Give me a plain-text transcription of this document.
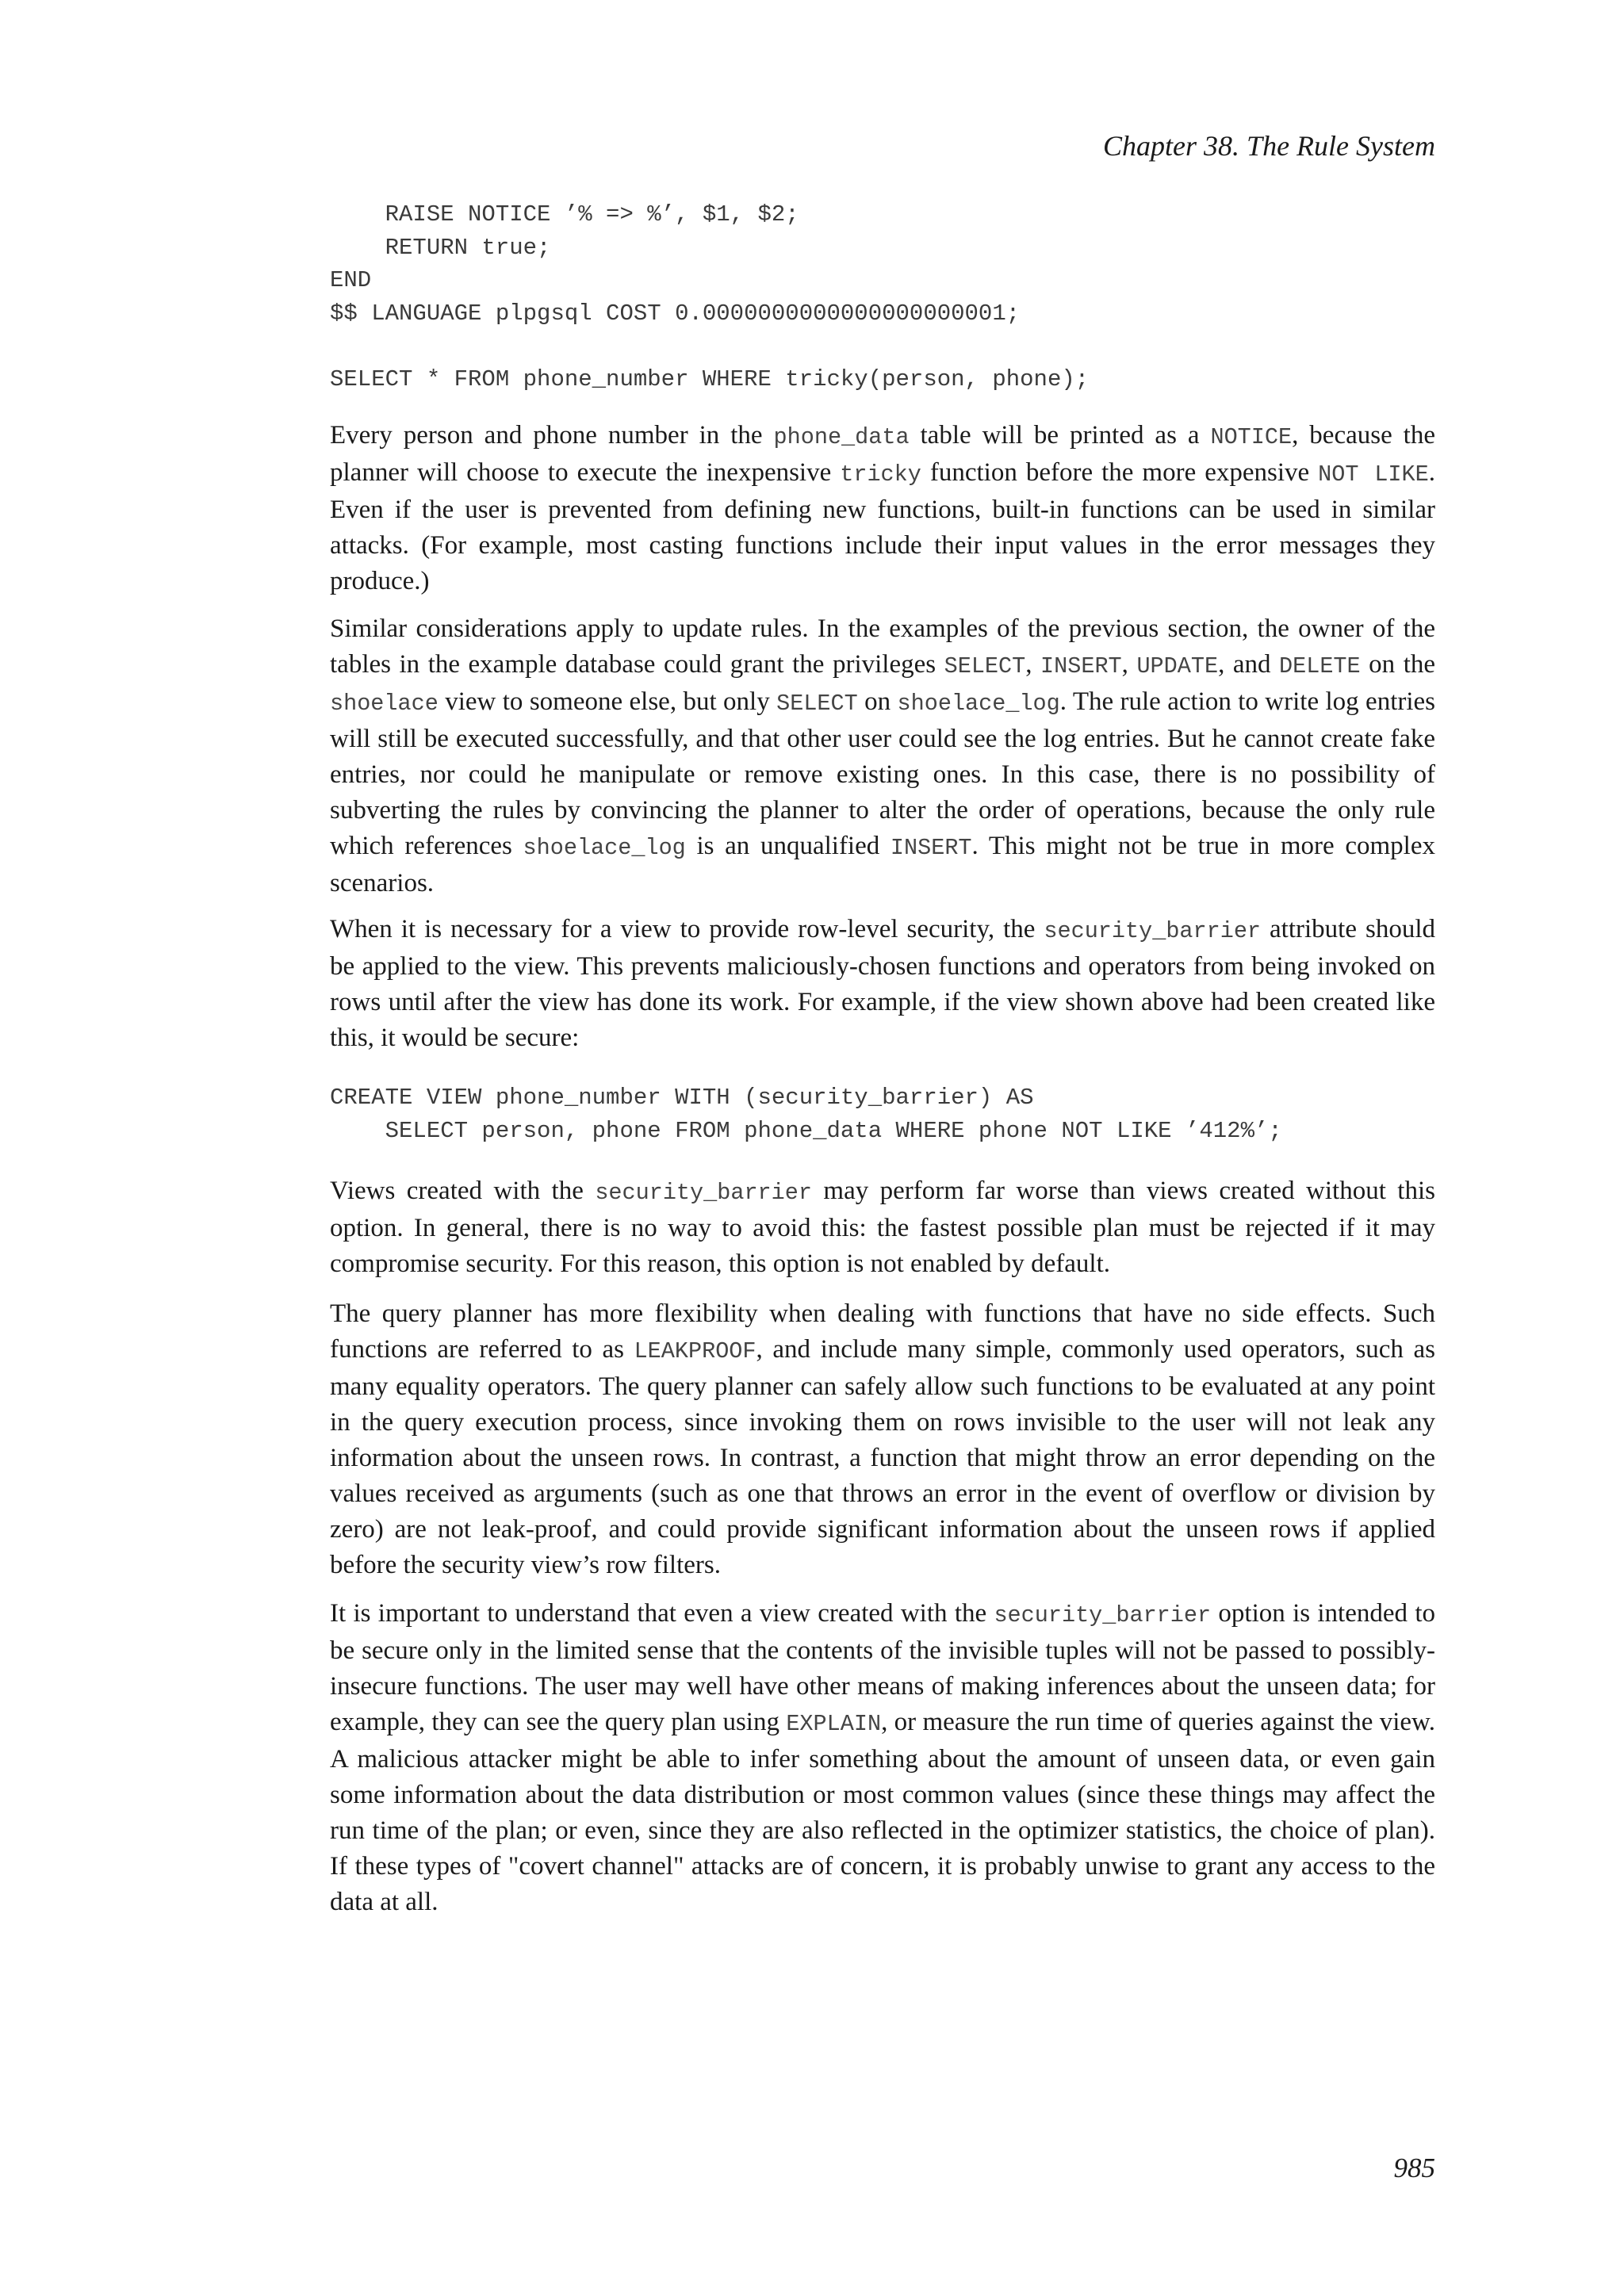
Chapter 38. The Rule System
RAISE NOTICE ’% => %’, $1, $2;
RETURN true;
END
$$ LANGUAGE plpgsql COST 0.0000000000000000000001;
SELECT * FROM phone_number WHERE tricky(person, phone);

Every person and phone number in the phone_data table will be printed as a NOTICE, because the planner will choose to execute the inexpensive tricky function before the more expensive NOT LIKE. Even if the user is prevented from defining new functions, built-in functions can be used in similar attacks. (For example, most casting functions include their input values in the error messages they produce.)

Similar considerations apply to update rules. In the examples of the previous section, the owner of the tables in the example database could grant the privileges SELECT, INSERT, UPDATE, and DELETE on the shoelace view to someone else, but only SELECT on shoelace_log. The rule action to write log entries will still be executed successfully, and that other user could see the log entries. But he cannot create fake entries, nor could he manipulate or remove existing ones. In this case, there is no possibility of subverting the rules by convincing the planner to alter the order of operations, because the only rule which references shoelace_log is an unqualified INSERT. This might not be true in more complex scenarios.

When it is necessary for a view to provide row-level security, the security_barrier attribute should be applied to the view. This prevents maliciously-chosen functions and operators from being invoked on rows until after the view has done its work. For example, if the view shown above had been created like this, it would be secure:

CREATE VIEW phone_number WITH (security_barrier) AS
SELECT person, phone FROM phone_data WHERE phone NOT LIKE ’412%’;

Views created with the security_barrier may perform far worse than views created without this option. In general, there is no way to avoid this: the fastest possible plan must be rejected if it may compromise security. For this reason, this option is not enabled by default.

The query planner has more flexibility when dealing with functions that have no side effects. Such functions are referred to as LEAKPROOF, and include many simple, commonly used operators, such as many equality operators. The query planner can safely allow such functions to be evaluated at any point in the query execution process, since invoking them on rows invisible to the user will not leak any information about the unseen rows. In contrast, a function that might throw an error depending on the values received as arguments (such as one that throws an error in the event of overflow or division by zero) are not leak-proof, and could provide significant information about the unseen rows if applied before the security view’s row filters.

It is important to understand that even a view created with the security_barrier option is intended to be secure only in the limited sense that the contents of the invisible tuples will not be passed to possibly-insecure functions. The user may well have other means of making inferences about the unseen data; for example, they can see the query plan using EXPLAIN, or measure the run time of queries against the view. A malicious attacker might be able to infer something about the amount of unseen data, or even gain some information about the data distribution or most common values (since these things may affect the run time of the plan; or even, since they are also reflected in the optimizer statistics, the choice of plan). If these types of "covert channel" attacks are of concern, it is probably unwise to grant any access to the data at all.

985
